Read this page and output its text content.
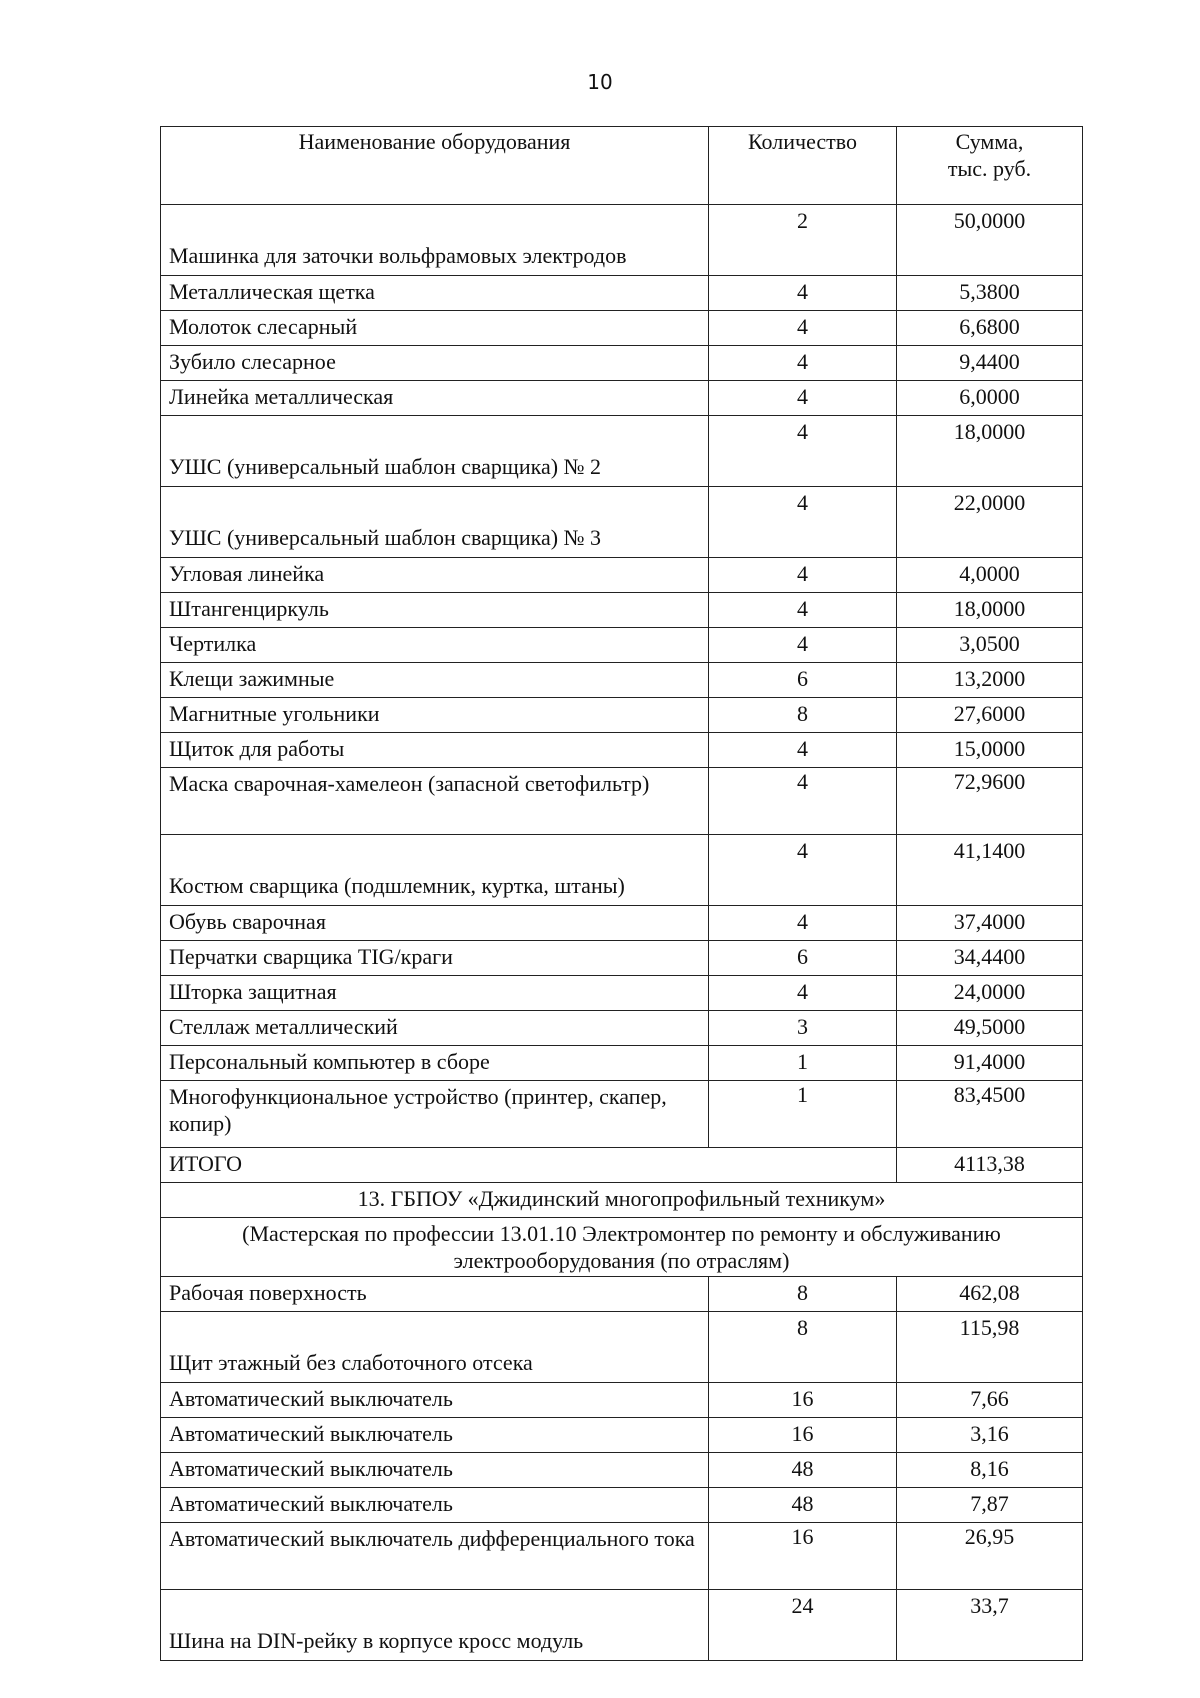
10
Наименование оборудования	Количество	Сумма,
тыс. руб.
Машинка для заточки вольфрамовых электродов	2	50,0000
Металлическая щетка	4	5,3800
Молоток слесарный	4	6,6800
Зубило слесарное	4	9,4400
Линейка металлическая	4	6,0000
УШС (универсальный шаблон сварщика) № 2	4	18,0000
УШС (универсальный шаблон сварщика) № 3	4	22,0000
Угловая линейка	4	4,0000
Штангенциркуль	4	18,0000
Чертилка	4	3,0500
Клещи зажимные	6	13,2000
Магнитные угольники	8	27,6000
Щиток для работы	4	15,0000
Маска сварочная-хамелеон (запасной светофильтр)	4	72,9600
Костюм сварщика (подшлемник, куртка, штаны)	4	41,1400
Обувь сварочная	4	37,4000
Перчатки сварщика TIG/краги	6	34,4400
Шторка защитная	4	24,0000
Стеллаж металлический	3	49,5000
Персональный компьютер в сборе	1	91,4000
Многофункциональное устройство (принтер, скапер, копир)	1	83,4500
ИТОГО		4113,38
13. ГБПОУ «Джидинский многопрофильный техникум»		
(Мастерская по профессии 13.01.10 Электромонтер по ремонту и обслуживанию электрооборудования (по отраслям)		
Рабочая поверхность	8	462,08
Щит этажный без слаботочного отсека	8	115,98
Автоматический выключатель	16	7,66
Автоматический выключатель	16	3,16
Автоматический выключатель	48	8,16
Автоматический выключатель	48	7,87
Автоматический выключатель дифференциального тока	16	26,95
Шина на DIN-рейку в корпусе кросс модуль	24	33,7
